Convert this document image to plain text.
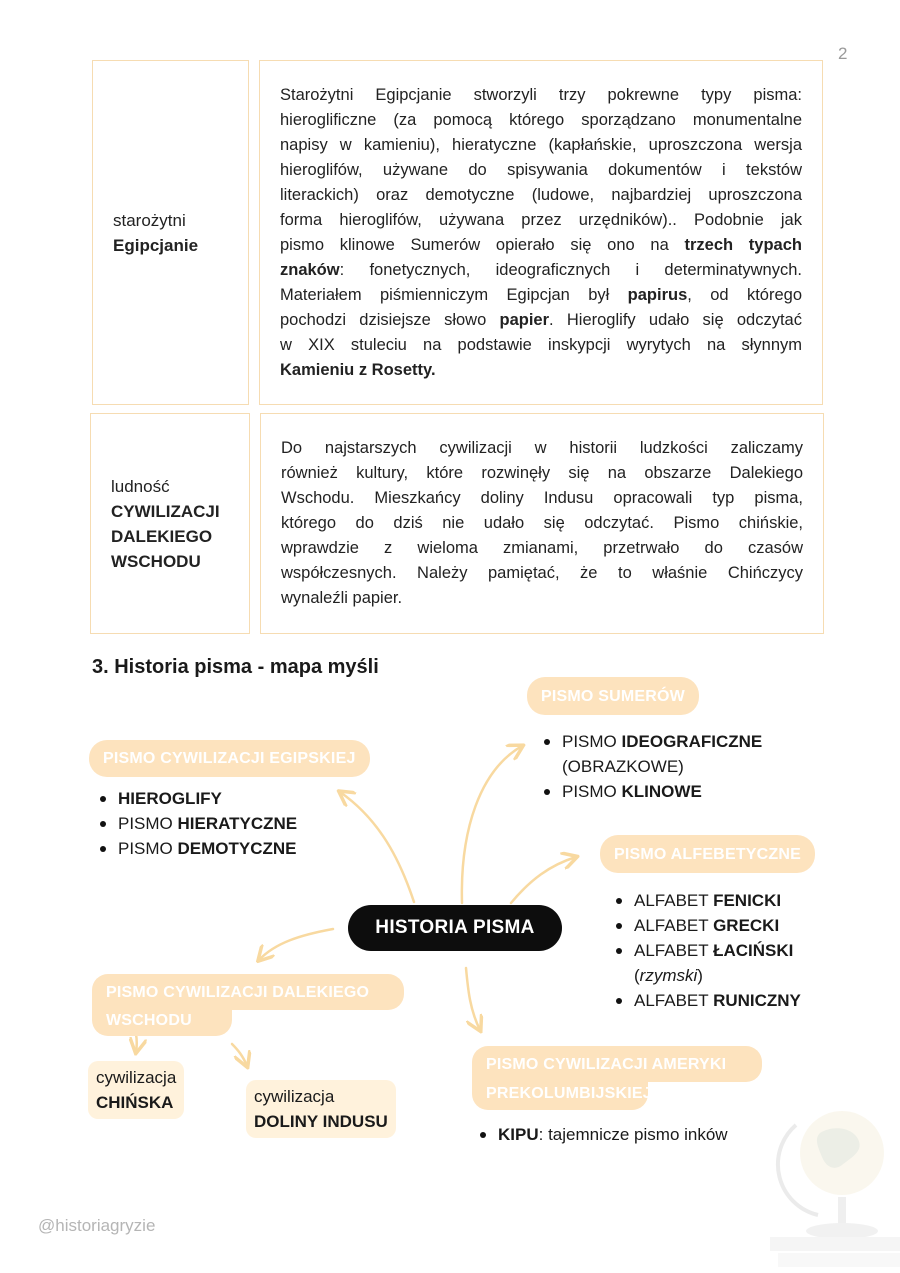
2
starożytni
Egipcjanie

Starożytni Egipcjanie stworzyli trzy pokrewne typy pisma:

hieroglificzne (za pomocą którego sporządzano monumentalne

napisy w kamieniu), hieratyczne (kapłańskie, uproszczona wersja

hieroglifów, używane do spisywania dokumentów i tekstów

literackich) oraz demotyczne (ludowe, najbardziej uproszczona

forma hieroglifów, używana przez urzędników).. Podobnie jak

pismo klinowe Sumerów opierało się ono na trzech typach

znaków: fonetycznych, ideograficznych i determinatywnych.

Materiałem piśmienniczym Egipcjan był papirus, od którego

pochodzi dzisiejsze słowo papier. Hieroglify udało się odczytać

w XIX stuleciu na podstawie inskypcji wyrytych na słynnym

Kamieniu z Rosetty.

ludność
CYWILIZACJI
DALEKIEGO
WSCHODU

Do najstarszych cywilizacji w historii ludzkości zaliczamy

również kultury, które rozwinęły się na obszarze Dalekiego

Wschodu. Mieszkańcy doliny Indusu opracowali typ pisma,

którego do dziś nie udało się odczytać. Pismo chińskie,

wprawdzie z wieloma zmianami, przetrwało do czasów

współczesnych. Należy pamiętać, że to właśnie Chińczycy

wynaleźli papier.

3. Historia pisma - mapa myśli
HISTORIA PISMA
PISMO CYWILIZACJI EGIPSKIEJ
HIEROGLIFY
PISMO HIERATYCZNE
PISMO DEMOTYCZNE
PISMO SUMERÓW
PISMO IDEOGRAFICZNE
(OBRAZKOWE)
PISMO KLINOWE
PISMO ALFEBETYCZNE
ALFABET FENICKI
ALFABET GRECKI
ALFABET ŁACIŃSKI
(rzymski)
ALFABET RUNICZNY
PISMO CYWILIZACJI DALEKIEGO
WSCHODU
cywilizacja
CHIŃSKA	cywilizacja
DOLINY INDUSU
PISMO CYWILIZACJI AMERYKI
PREKOLUMBIJSKIEJ
KIPU: tajemnicze pismo inków
@historiagryzie
